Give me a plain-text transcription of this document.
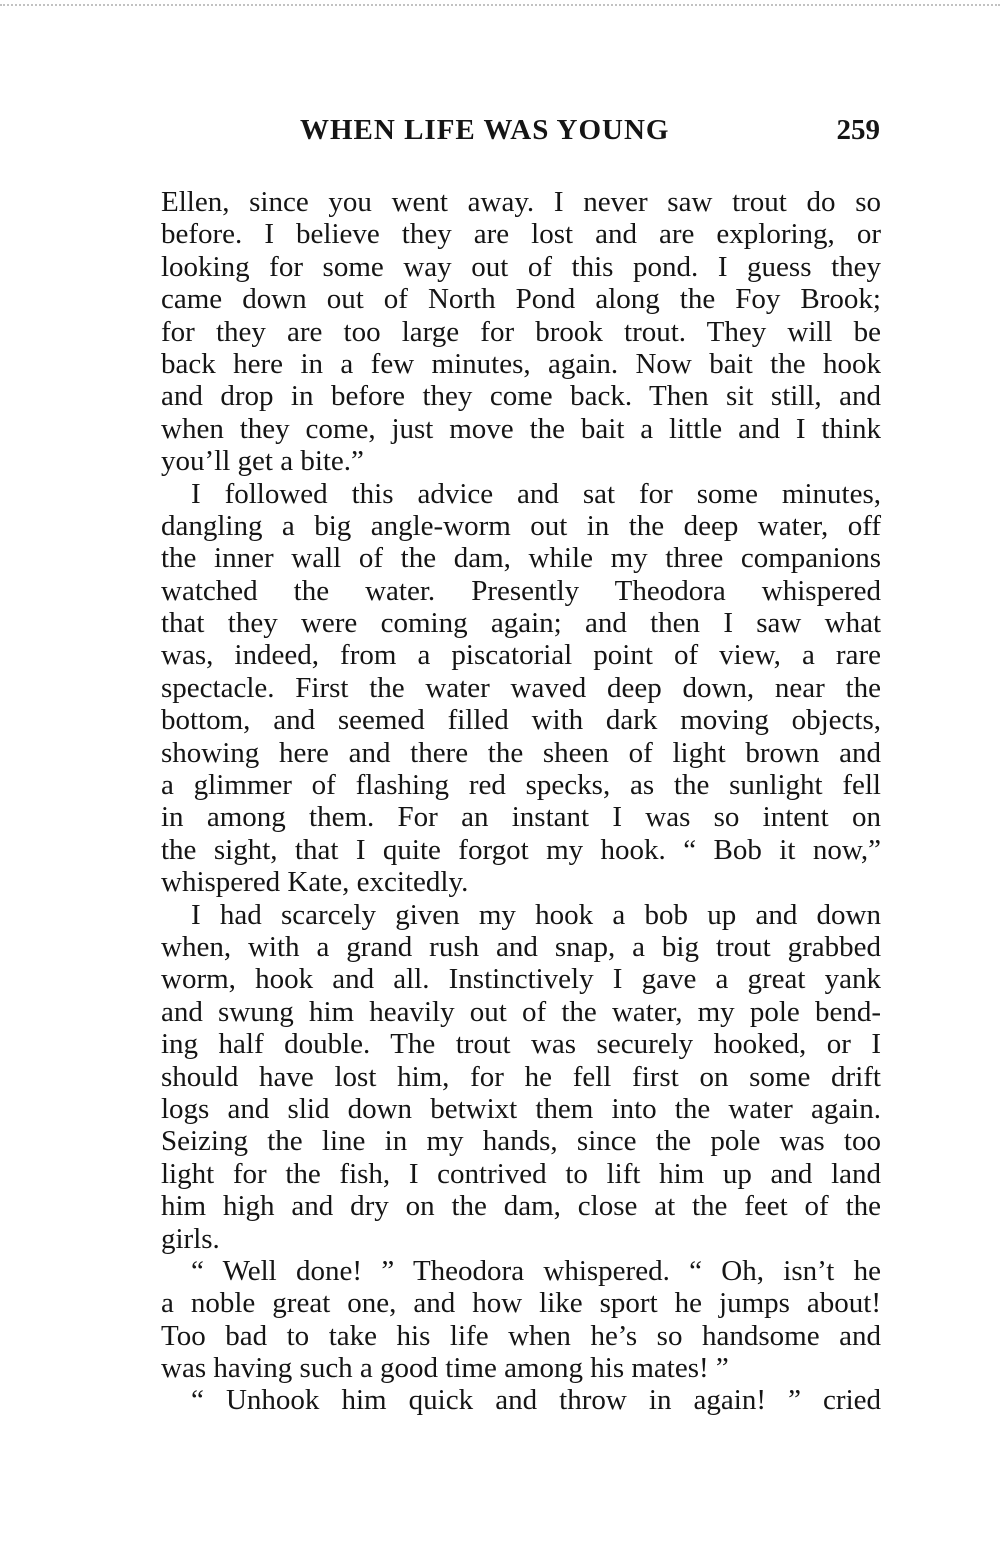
WHEN LIFE WAS YOUNG	259
Ellen, since you went away. I never saw trout do so
before. I believe they are lost and are exploring, or
looking for some way out of this pond. I guess they
came down out of North Pond along the Foy Brook;
for they are too large for brook trout. They will be
back here in a few minutes, again. Now bait the hook
and drop in before they come back. Then sit still, and
when they come, just move the bait a little and I think
you’ll get a bite.”
I followed this advice and sat for some minutes,
dangling a big angle-worm out in the deep water, off
the inner wall of the dam, while my three companions
watched the water. Presently Theodora whispered
that they were coming again; and then I saw what
was, indeed, from a piscatorial point of view, a rare
spectacle. First the water waved deep down, near the
bottom, and seemed filled with dark moving objects,
showing here and there the sheen of light brown and
a glimmer of flashing red specks, as the sunlight fell
in among them. For an instant I was so intent on
the sight, that I quite forgot my hook. “ Bob it now,”
whispered Kate, excitedly.
I had scarcely given my hook a bob up and down
when, with a grand rush and snap, a big trout grabbed
worm, hook and all. Instinctively I gave a great yank
and swung him heavily out of the water, my pole bend-
ing half double. The trout was securely hooked, or I
should have lost him, for he fell first on some drift
logs and slid down betwixt them into the water again.
Seizing the line in my hands, since the pole was too
light for the fish, I contrived to lift him up and land
him high and dry on the dam, close at the feet of the
girls.
“ Well done! ” Theodora whispered. “ Oh, isn’t he
a noble great one, and how like sport he jumps about!
Too bad to take his life when he’s so handsome and
was having such a good time among his mates! ”
“ Unhook him quick and throw in again! ” cried
